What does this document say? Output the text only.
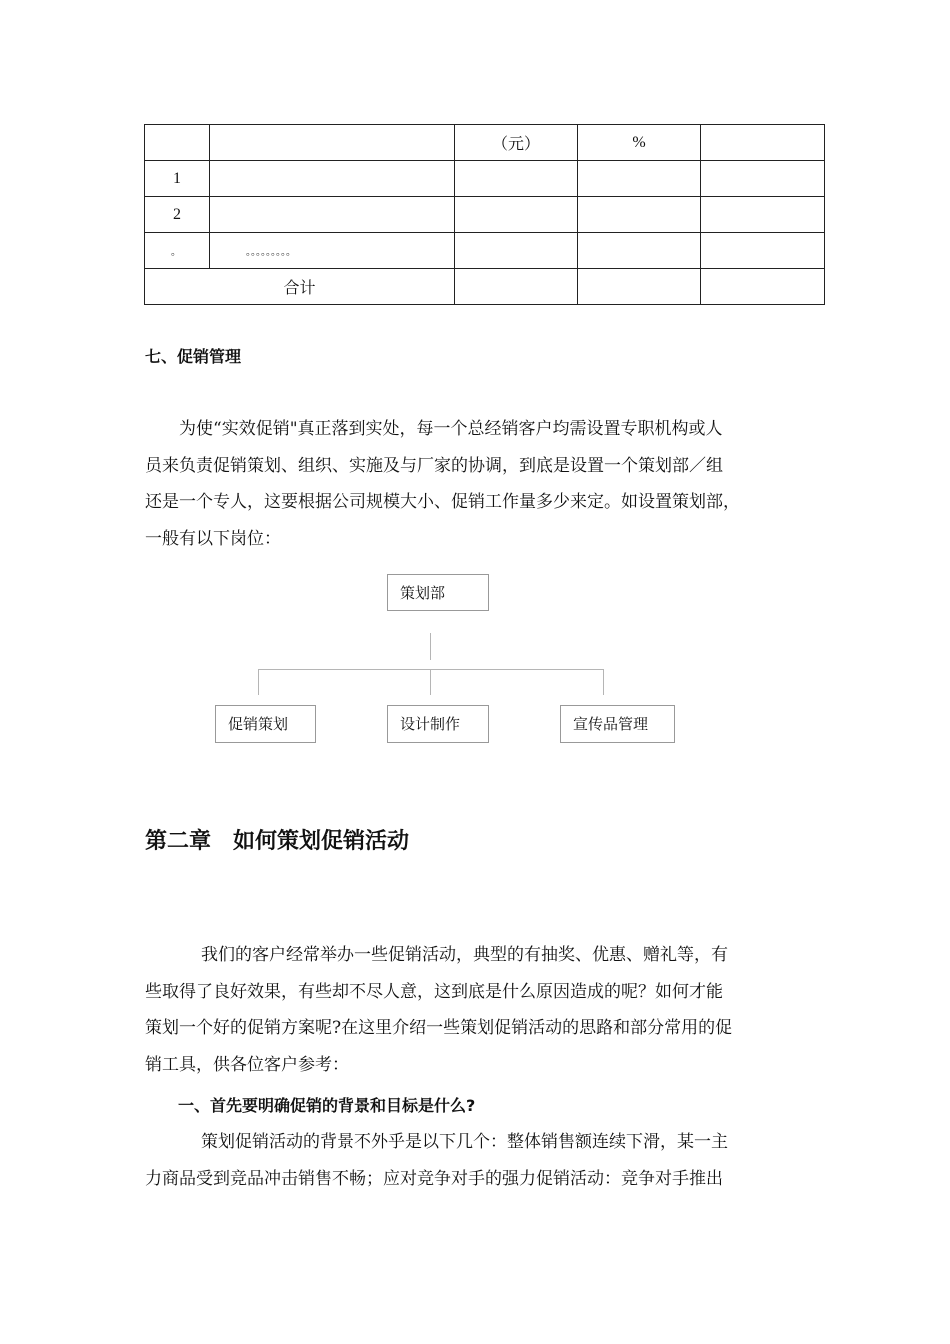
		（元）	%	
1				
2				
。	。。。。。。。。。			
合计				
七、促销管理
为使“实效促销"真正落到实处，每一个总经销客户均需设置专职机构或人
员来负责促销策划、组织、实施及与厂家的协调，到底是设置一个策划部／组
还是一个专人，这要根据公司规模大小、促销工作量多少来定。如设置策划部，
一般有以下岗位：
策划部
促销策划	设计制作	宣传品管理
第二章　如何策划促销活动
我们的客户经常举办一些促销活动，典型的有抽奖、优惠、赠礼等，有
些取得了良好效果，有些却不尽人意，这到底是什么原因造成的呢？如何才能
策划一个好的促销方案呢?在这里介绍一些策划促销活动的思路和部分常用的促
销工具，供各位客户参考：
一、首先要明确促销的背景和目标是什么?
策划促销活动的背景不外乎是以下几个：整体销售额连续下滑，某一主
力商品受到竞品冲击销售不畅；应对竞争对手的强力促销活动：竞争对手推出
